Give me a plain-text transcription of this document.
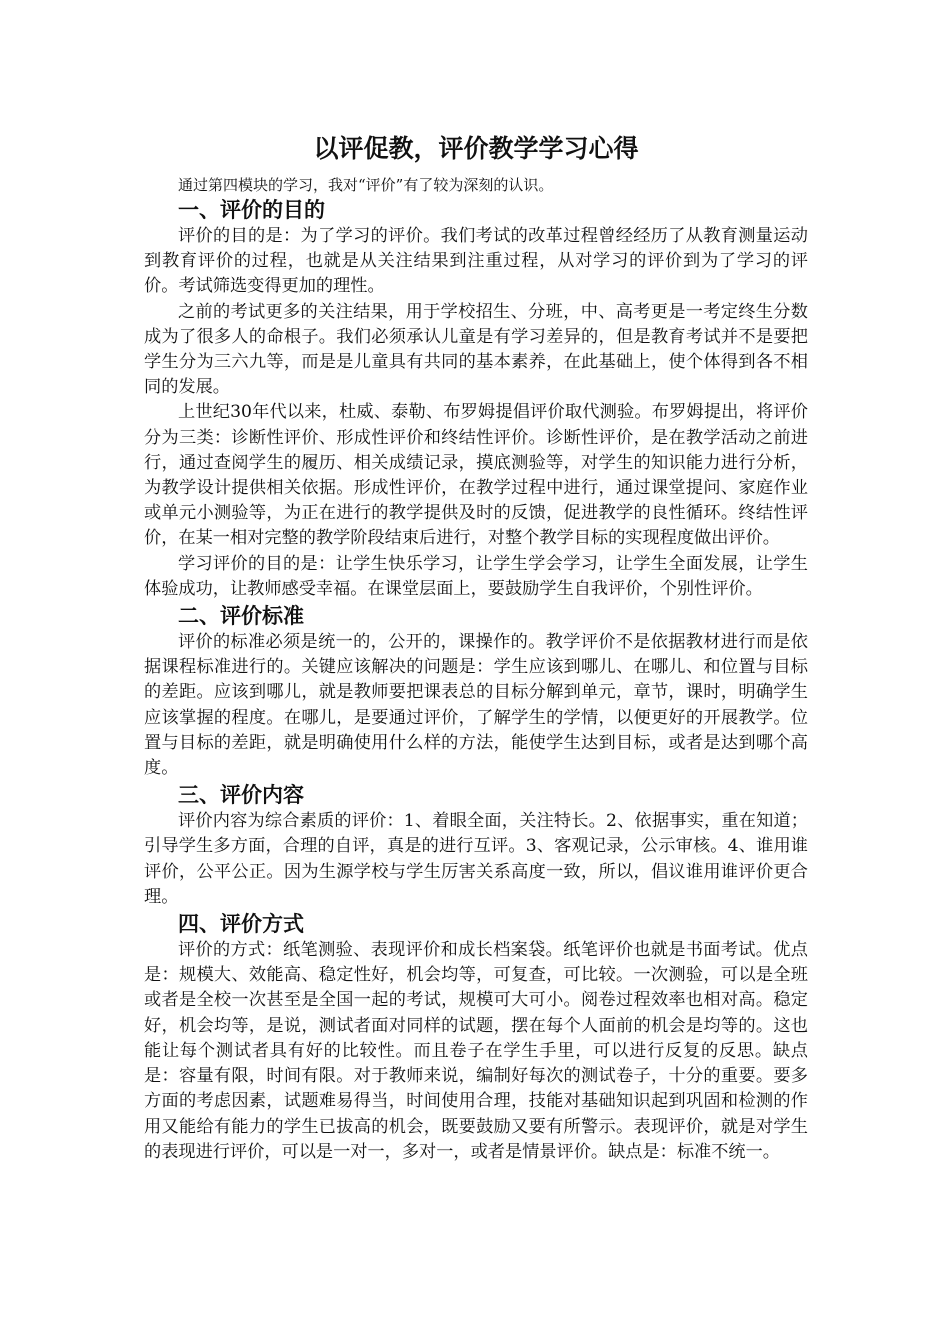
以评促教，评价教学学习心得

通过第四模块的学习，我对“评价”有了较为深刻的认识。

一、评价的目的

评价的目的是：为了学习的评价。我们考试的改革过程曾经经历了从教育测量运动到教育评价的过程，也就是从关注结果到注重过程，从对学习的评价到为了学习的评价。考试筛选变得更加的理性。

之前的考试更多的关注结果，用于学校招生、分班，中、高考更是一考定终生分数成为了很多人的命根子。我们必须承认儿童是有学习差异的，但是教育考试并不是要把学生分为三六九等，而是是儿童具有共同的基本素养，在此基础上，使个体得到各不相同的发展。

上世纪30年代以来，杜威、泰勒、布罗姆提倡评价取代测验。布罗姆提出，将评价分为三类：诊断性评价、形成性评价和终结性评价。诊断性评价，是在教学活动之前进行，通过查阅学生的履历、相关成绩记录，摸底测验等，对学生的知识能力进行分析，为教学设计提供相关依据。形成性评价，在教学过程中进行，通过课堂提问、家庭作业或单元小测验等，为正在进行的教学提供及时的反馈，促进教学的良性循环。终结性评价，在某一相对完整的教学阶段结束后进行，对整个教学目标的实现程度做出评价。

学习评价的目的是：让学生快乐学习，让学生学会学习，让学生全面发展，让学生体验成功，让教师感受幸福。在课堂层面上，要鼓励学生自我评价，个别性评价。

二、评价标准

评价的标准必须是统一的，公开的，课操作的。教学评价不是依据教材进行而是依据课程标准进行的。关键应该解决的问题是：学生应该到哪儿、在哪儿、和位置与目标的差距。应该到哪儿，就是教师要把课表总的目标分解到单元，章节，课时，明确学生应该掌握的程度。在哪儿，是要通过评价，了解学生的学情，以便更好的开展教学。位置与目标的差距，就是明确使用什么样的方法，能使学生达到目标，或者是达到哪个高度。

三、评价内容

评价内容为综合素质的评价：1、着眼全面，关注特长。2、依据事实，重在知道；引导学生多方面，合理的自评，真是的进行互评。3、客观记录，公示审核。4、谁用谁评价，公平公正。因为生源学校与学生厉害关系高度一致，所以，倡议谁用谁评价更合理。

四、评价方式

评价的方式：纸笔测验、表现评价和成长档案袋。纸笔评价也就是书面考试。优点是：规模大、效能高、稳定性好，机会均等，可复查，可比较。一次测验，可以是全班或者是全校一次甚至是全国一起的考试，规模可大可小。阅卷过程效率也相对高。稳定好，机会均等，是说，测试者面对同样的试题，摆在每个人面前的机会是均等的。这也能让每个测试者具有好的比较性。而且卷子在学生手里，可以进行反复的反思。缺点是：容量有限，时间有限。对于教师来说，编制好每次的测试卷子，十分的重要。要多方面的考虑因素，试题难易得当，时间使用合理，技能对基础知识起到巩固和检测的作用又能给有能力的学生已拔高的机会，既要鼓励又要有所警示。表现评价，就是对学生的表现进行评价，可以是一对一，多对一，或者是情景评价。缺点是：标准不统一。
